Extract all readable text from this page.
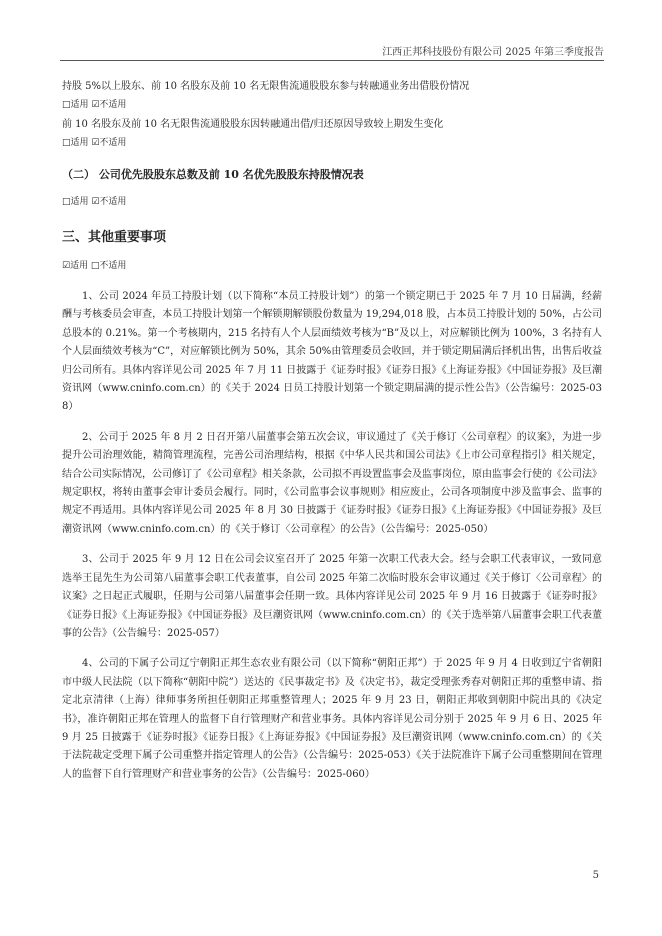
江西正邦科技股份有限公司 2025 年第三季度报告

持股 5%以上股东、前 10 名股东及前 10 名无限售流通股股东参与转融通业务出借股份情况

□适用 ☑不适用

前 10 名股东及前 10 名无限售流通股股东因转融通出借/归还原因导致较上期发生变化

□适用 ☑不适用

（二） 公司优先股股东总数及前 10 名优先股股东持股情况表

□适用 ☑不适用

三、其他重要事项

☑适用 □不适用

1、公司 2024 年员工持股计划（以下简称“本员工持股计划”）的第一个锁定期已于 2025 年 7 月 10 日届满，经薪酬与考核委员会审查，本员工持股计划第一个解锁期解锁股份数量为 19,294,018 股，占本员工持股计划的 50%，占公司总股本的 0.21%。第一个考核期内，215 名持有人个人层面绩效考核为“B”及以上，对应解锁比例为 100%，3 名持有人个人层面绩效考核为“C”，对应解锁比例为 50%，其余 50%由管理委员会收回，并于锁定期届满后择机出售，出售后收益归公司所有。具体内容详见公司 2025 年 7 月 11 日披露于《证券时报》《证券日报》《上海证券报》《中国证券报》及巨潮资讯网（www.cninfo.com.cn）的《关于 2024 日员工持股计划第一个锁定期届满的提示性公告》（公告编号：2025-038）

2、公司于 2025 年 8 月 2 日召开第八届董事会第五次会议，审议通过了《关于修订〈公司章程〉的议案》，为进一步提升公司治理效能，精简管理流程，完善公司治理结构，根据《中华人民共和国公司法》《上市公司章程指引》相关规定，结合公司实际情况，公司修订了《公司章程》相关条款，公司拟不再设置监事会及监事岗位，原由监事会行使的《公司法》规定职权，将转由董事会审计委员会履行。同时，《公司监事会议事规则》相应废止，公司各项制度中涉及监事会、监事的规定不再适用。具体内容详见公司 2025 年 8 月 30 日披露于《证券时报》《证券日报》《上海证券报》《中国证券报》及巨潮资讯网（www.cninfo.com.cn）的《关于修订〈公司章程〉的公告》（公告编号：2025-050）

3、公司于 2025 年 9 月 12 日在公司会议室召开了 2025 年第一次职工代表大会。经与会职工代表审议，一致同意选举王昆先生为公司第八届董事会职工代表董事，自公司 2025 年第二次临时股东会审议通过《关于修订〈公司章程〉的议案》之日起正式履职，任期与公司第八届董事会任期一致。具体内容详见公司 2025 年 9 月 16 日披露于《证券时报》《证券日报》《上海证券报》《中国证券报》及巨潮资讯网（www.cninfo.com.cn）的《关于选举第八届董事会职工代表董事的公告》（公告编号：2025-057）

4、公司的下属子公司辽宁朝阳正邦生态农业有限公司（以下简称“朝阳正邦”）于 2025 年 9 月 4 日收到辽宁省朝阳市中级人民法院（以下简称“朝阳中院”）送达的《民事裁定书》及《决定书》，裁定受理张秀春对朝阳正邦的重整申请、指定北京清律（上海）律师事务所担任朝阳正邦重整管理人；2025 年 9 月 23 日，朝阳正邦收到朝阳中院出具的《决定书》，准许朝阳正邦在管理人的监督下自行管理财产和营业事务。具体内容详见公司分别于 2025 年 9 月 6 日、2025 年 9 月 25 日披露于《证券时报》《证券日报》《上海证券报》《中国证券报》及巨潮资讯网（www.cninfo.com.cn）的《关于法院裁定受理下属子公司重整并指定管理人的公告》（公告编号：2025-053）《关于法院准许下属子公司重整期间在管理人的监督下自行管理财产和营业事务的公告》（公告编号：2025-060）

5
